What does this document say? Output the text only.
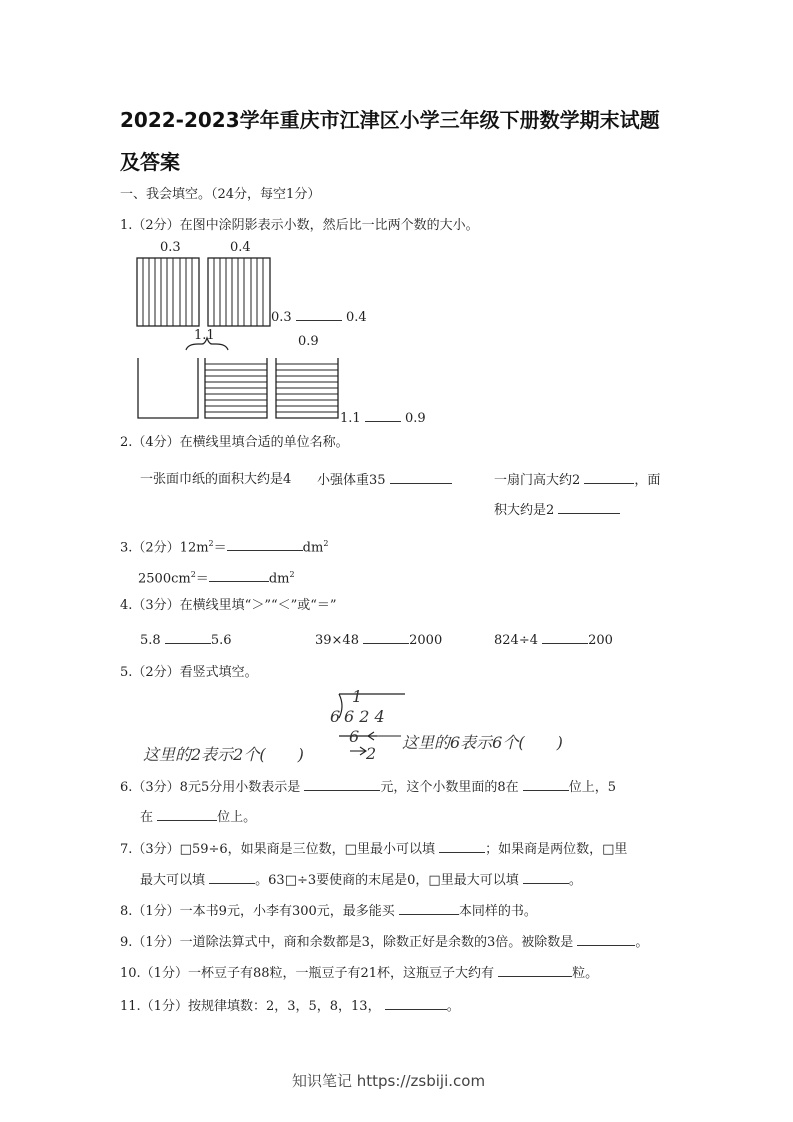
2022-2023学年重庆市江津区小学三年级下册数学期末试题
及答案
一、我会填空。（24分，每空1分）
1.（2分）在图中涂阴影表示小数，然后比一比两个数的大小。
0.3	0.4
1.1	0.9
0.3	0.4
1.1	0.9
2.（4分）在横线里填合适的单位名称。
一张面巾纸的面积大约是4 小强体重35	一扇门高大约2	，面
积大约是2
3.（2分）$12m^2=$	$dm^2$
$2500cm^2=$	$dm^2$
4.（3分）在横线里填“＞”“＜”或“＝”
5.8	5.6	39×48	2000	824÷4	200
5.（2分）看竖式填空。
1
6 6 2 4
6
2
这里的2表示2个(　　)
这里的6表示6个(　　)
6.（3分）8元5分用小数表示是	元，这个小数里面的8在	位上，5
在	位上。
7.（3分）□59÷6，如果商是三位数，□里最小可以填	；如果商是两位数，□里
最大可以填	。63□÷3要使商的末尾是0，□里最大可以填	。
8.（1分）一本书9元，小李有300元，最多能买	本同样的书。
9.（1分）一道除法算式中，商和余数都是3，除数正好是余数的3倍。被除数是	。
10.（1分）一杯豆子有88粒，一瓶豆子有21杯，这瓶豆子大约有	粒。
11.（1分）按规律填数：2，3，5，8，13，	。
知识笔记 https://zsbiji.com
